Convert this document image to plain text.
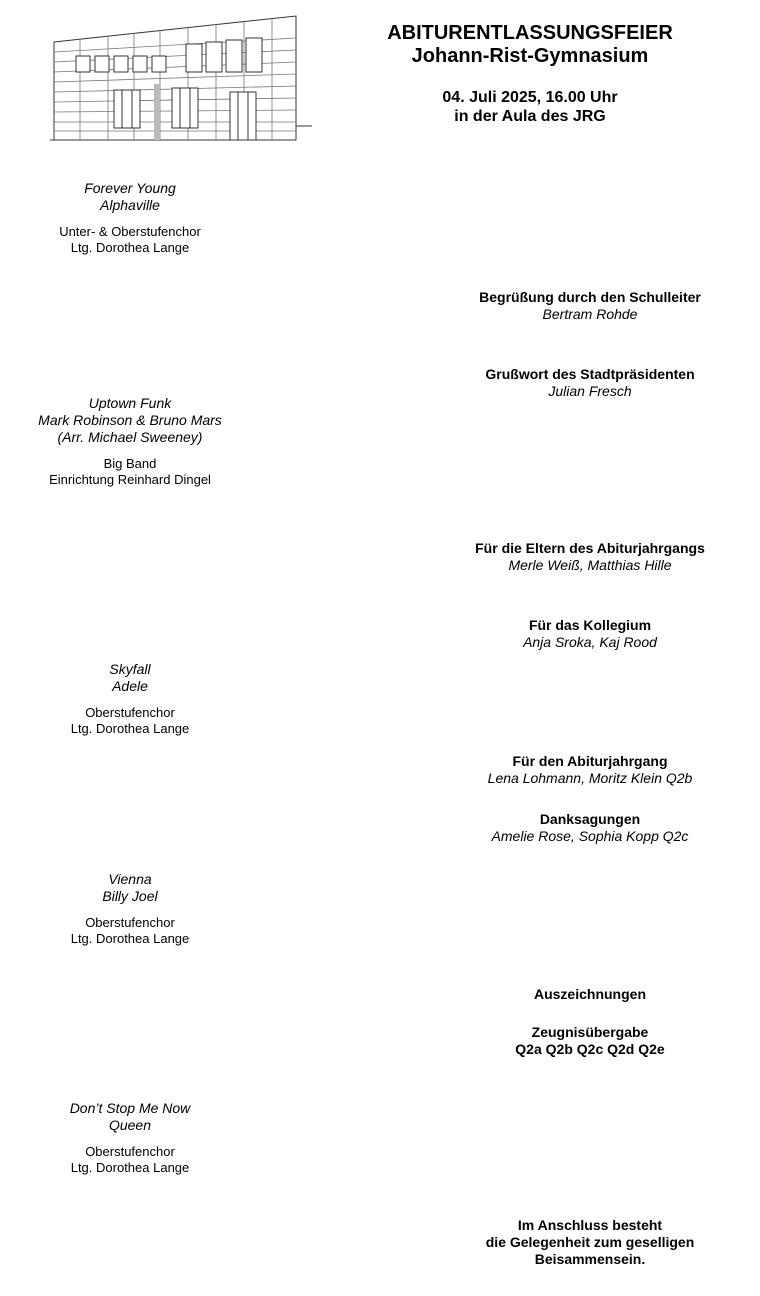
ABITURENTLASSUNGSFEIER
Johann-Rist-Gymnasium
04. Juli 2025, 16.00 Uhr
in der Aula des JRG
Forever Young
Alphaville
Unter- & Oberstufenchor
Ltg. Dorothea Lange
Uptown Funk
Mark Robinson & Bruno Mars
(Arr. Michael Sweeney)
Big Band
Einrichtung Reinhard Dingel
Skyfall
Adele
Oberstufenchor
Ltg. Dorothea Lange
Vienna
Billy Joel
Oberstufenchor
Ltg. Dorothea Lange
Don’t Stop Me Now
Queen
Oberstufenchor
Ltg. Dorothea Lange
Begrüßung durch den Schulleiter
Bertram Rohde
Grußwort des Stadtpräsidenten
Julian Fresch
Für die Eltern des Abiturjahrgangs
Merle Weiß, Matthias Hille
Für das Kollegium
Anja Sroka, Kaj Rood
Für den Abiturjahrgang
Lena Lohmann, Moritz Klein Q2b
Danksagungen
Amelie Rose, Sophia Kopp Q2c
Auszeichnungen
Zeugnisübergabe
Q2a Q2b Q2c Q2d Q2e
Im Anschluss besteht
die Gelegenheit zum geselligen
Beisammensein.
